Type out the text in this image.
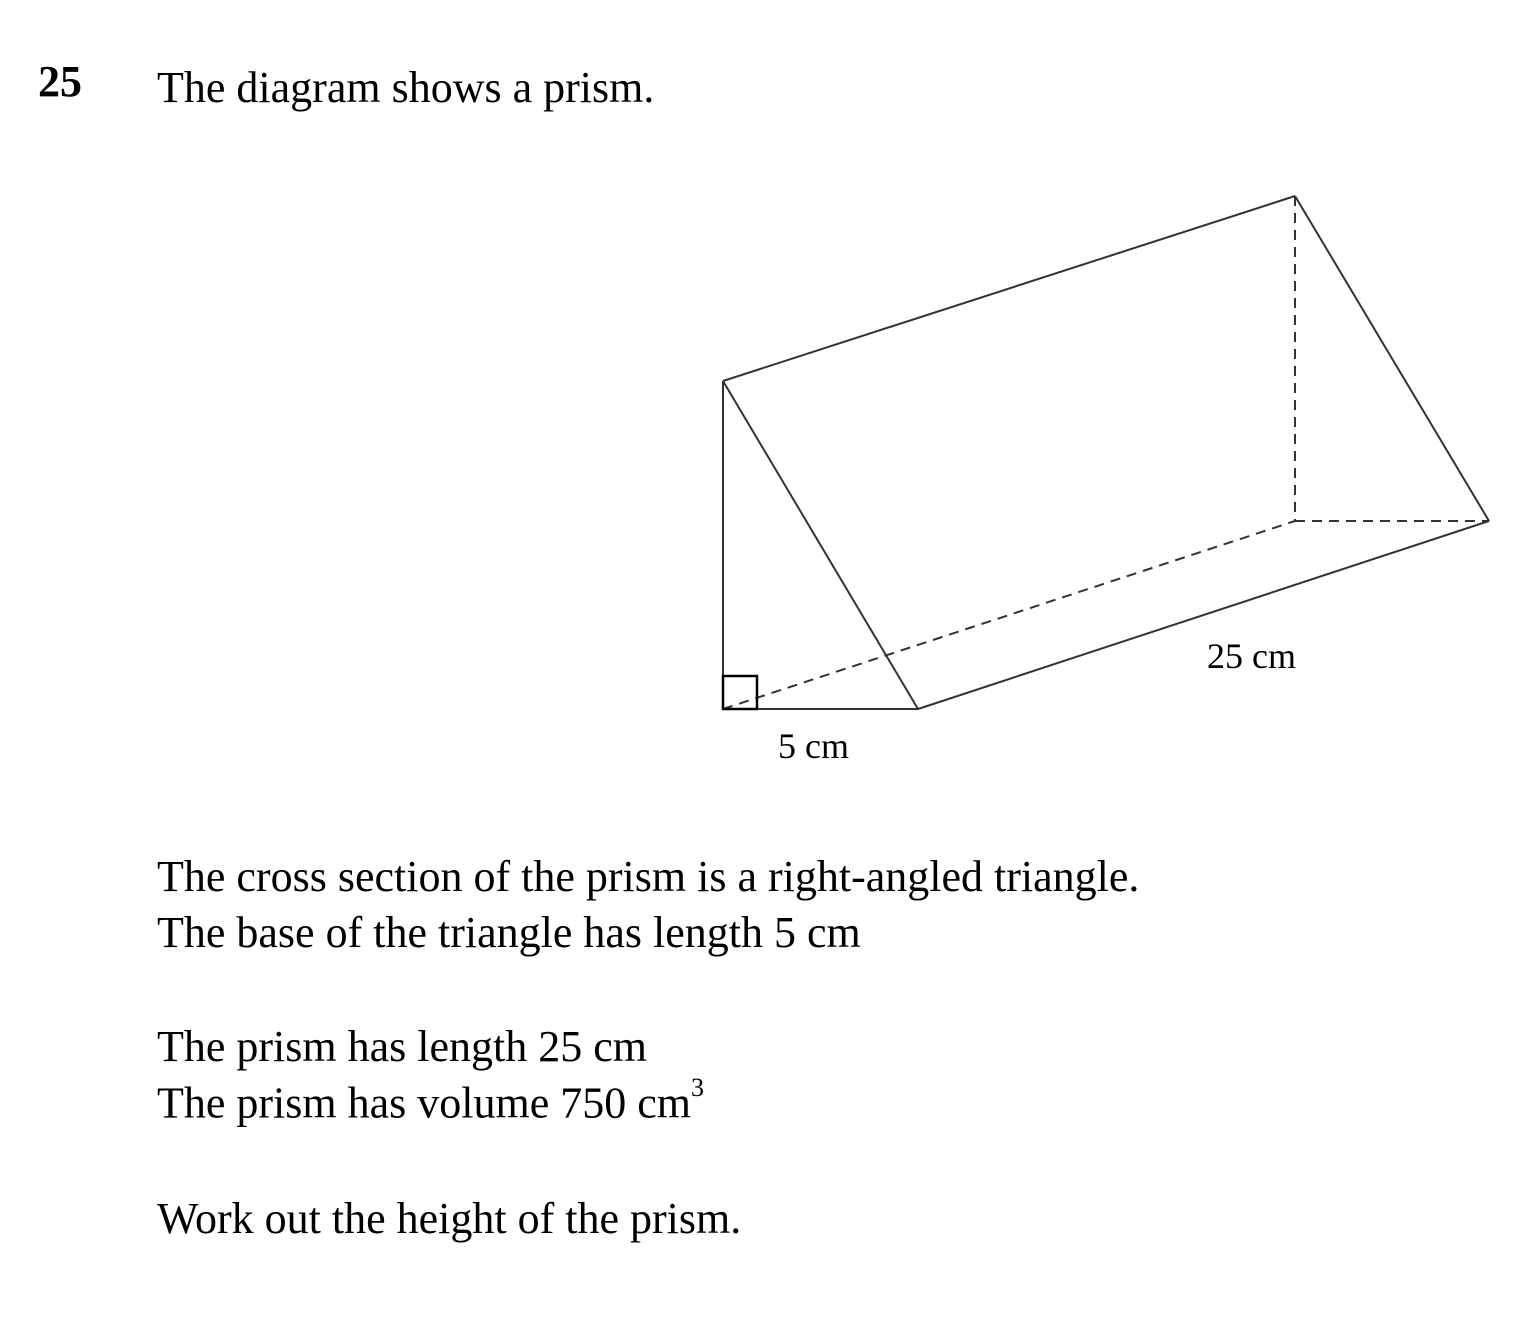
25 The diagram shows a prism.
5 cm
25 cm
The cross section of the prism is a right-angled triangle.
The base of the triangle has length 5 cm
The prism has length 25 cm
The prism has volume 750 $cm^3$
Work out the height of the prism.
